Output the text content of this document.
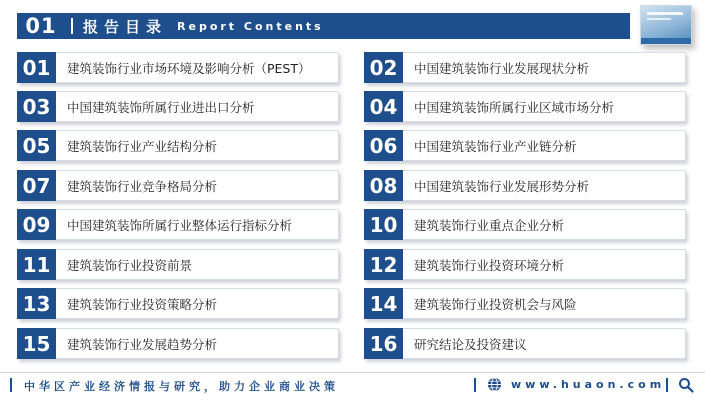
01	报告目录 Report Contents
01	建筑装饰行业市场环境及影响分析（PEST）	02	中国建筑装饰行业发展现状分析
03	中国建筑装饰所属行业进出口分析	04	中国建筑装饰所属行业区域市场分析
05	建筑装饰行业产业结构分析	06	中国建筑装饰行业产业链分析
07	建筑装饰行业竞争格局分析	08	中国建筑装饰行业发展形势分析
09	中国建筑装饰所属行业整体运行指标分析	10	建筑装饰行业重点企业分析
11	建筑装饰行业投资前景	12	建筑装饰行业投资环境分析
13	建筑装饰行业投资策略分析	14	建筑装饰行业投资机会与风险
15	建筑装饰行业发展趋势分析	16	研究结论及投资建议
中华区产业经济情报与研究，助力企业商业决策	www.huaon.com
